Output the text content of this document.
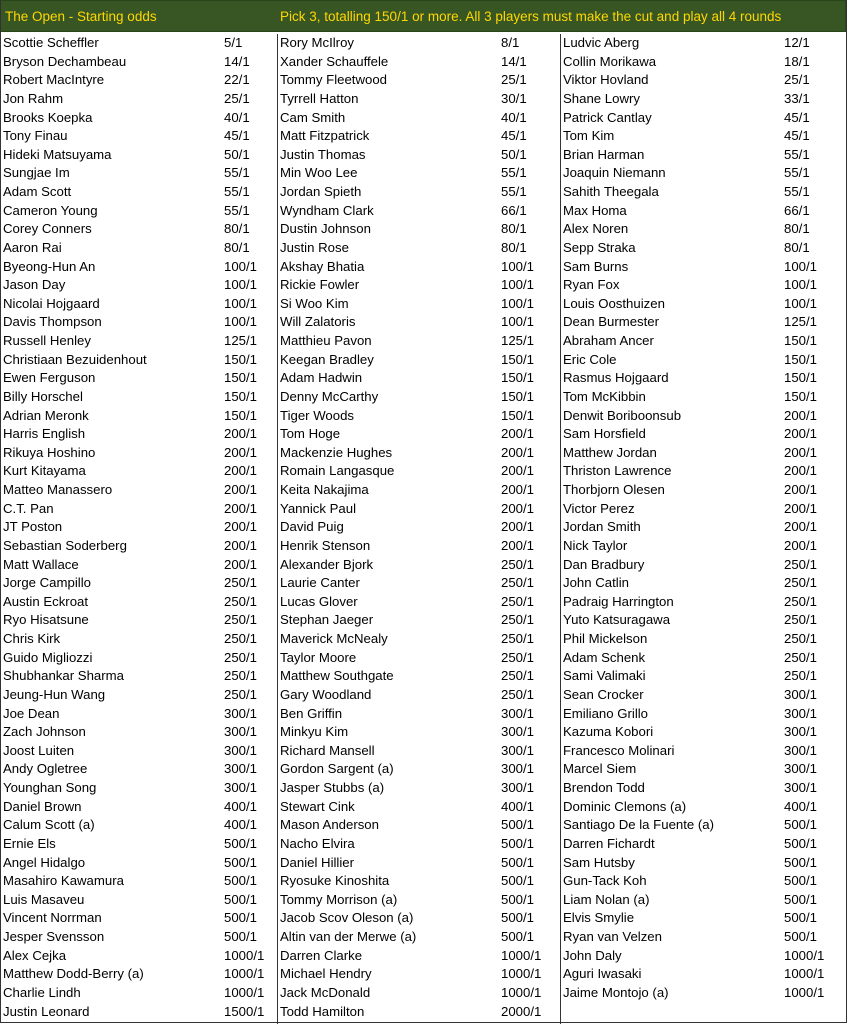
The Open - Starting odds	Pick 3, totalling 150/1 or more. All 3 players must make the cut and play all 4 rounds
Scottie Scheffler	5/1
Bryson Dechambeau	14/1
Robert MacIntyre	22/1
Jon Rahm	25/1
Brooks Koepka	40/1
Tony Finau	45/1
Hideki Matsuyama	50/1
Sungjae Im	55/1
Adam Scott	55/1
Cameron Young	55/1
Corey Conners	80/1
Aaron Rai	80/1
Byeong-Hun An	100/1
Jason Day	100/1
Nicolai Hojgaard	100/1
Davis Thompson	100/1
Russell Henley	125/1
Christiaan Bezuidenhout	150/1
Ewen Ferguson	150/1
Billy Horschel	150/1
Adrian Meronk	150/1
Harris English	200/1
Rikuya Hoshino	200/1
Kurt Kitayama	200/1
Matteo Manassero	200/1
C.T. Pan	200/1
JT Poston	200/1
Sebastian Soderberg	200/1
Matt Wallace	200/1
Jorge Campillo	250/1
Austin Eckroat	250/1
Ryo Hisatsune	250/1
Chris Kirk	250/1
Guido Migliozzi	250/1
Shubhankar Sharma	250/1
Jeung-Hun Wang	250/1
Joe Dean	300/1
Zach Johnson	300/1
Joost Luiten	300/1
Andy Ogletree	300/1
Younghan Song	300/1
Daniel Brown	400/1
Calum Scott (a)	400/1
Ernie Els	500/1
Angel Hidalgo	500/1
Masahiro Kawamura	500/1
Luis Masaveu	500/1
Vincent Norrman	500/1
Jesper Svensson	500/1
Alex Cejka	1000/1
Matthew Dodd-Berry (a)	1000/1
Charlie Lindh	1000/1
Justin Leonard	1500/1
Rory McIlroy	8/1
Xander Schauffele	14/1
Tommy Fleetwood	25/1
Tyrrell Hatton	30/1
Cam Smith	40/1
Matt Fitzpatrick	45/1
Justin Thomas	50/1
Min Woo Lee	55/1
Jordan Spieth	55/1
Wyndham Clark	66/1
Dustin Johnson	80/1
Justin Rose	80/1
Akshay Bhatia	100/1
Rickie Fowler	100/1
Si Woo Kim	100/1
Will Zalatoris	100/1
Matthieu Pavon	125/1
Keegan Bradley	150/1
Adam Hadwin	150/1
Denny McCarthy	150/1
Tiger Woods	150/1
Tom Hoge	200/1
Mackenzie Hughes	200/1
Romain Langasque	200/1
Keita Nakajima	200/1
Yannick Paul	200/1
David Puig	200/1
Henrik Stenson	200/1
Alexander Bjork	250/1
Laurie Canter	250/1
Lucas Glover	250/1
Stephan Jaeger	250/1
Maverick McNealy	250/1
Taylor Moore	250/1
Matthew Southgate	250/1
Gary Woodland	250/1
Ben Griffin	300/1
Minkyu Kim	300/1
Richard Mansell	300/1
Gordon Sargent (a)	300/1
Jasper Stubbs (a)	300/1
Stewart Cink	400/1
Mason Anderson	500/1
Nacho Elvira	500/1
Daniel Hillier	500/1
Ryosuke Kinoshita	500/1
Tommy Morrison (a)	500/1
Jacob Scov Oleson (a)	500/1
Altin van der Merwe (a)	500/1
Darren Clarke	1000/1
Michael Hendry	1000/1
Jack McDonald	1000/1
Todd Hamilton	2000/1
Ludvic Aberg	12/1
Collin Morikawa	18/1
Viktor Hovland	25/1
Shane Lowry	33/1
Patrick Cantlay	45/1
Tom Kim	45/1
Brian Harman	55/1
Joaquin Niemann	55/1
Sahith Theegala	55/1
Max Homa	66/1
Alex Noren	80/1
Sepp Straka	80/1
Sam Burns	100/1
Ryan Fox	100/1
Louis Oosthuizen	100/1
Dean Burmester	125/1
Abraham Ancer	150/1
Eric Cole	150/1
Rasmus Hojgaard	150/1
Tom McKibbin	150/1
Denwit Boriboonsub	200/1
Sam Horsfield	200/1
Matthew Jordan	200/1
Thriston Lawrence	200/1
Thorbjorn Olesen	200/1
Victor Perez	200/1
Jordan Smith	200/1
Nick Taylor	200/1
Dan Bradbury	250/1
John Catlin	250/1
Padraig Harrington	250/1
Yuto Katsuragawa	250/1
Phil Mickelson	250/1
Adam Schenk	250/1
Sami Valimaki	250/1
Sean Crocker	300/1
Emiliano Grillo	300/1
Kazuma Kobori	300/1
Francesco Molinari	300/1
Marcel Siem	300/1
Brendon Todd	300/1
Dominic Clemons (a)	400/1
Santiago De la Fuente (a)	500/1
Darren Fichardt	500/1
Sam Hutsby	500/1
Gun-Tack Koh	500/1
Liam Nolan (a)	500/1
Elvis Smylie	500/1
Ryan van Velzen	500/1
John Daly	1000/1
Aguri Iwasaki	1000/1
Jaime Montojo (a)	1000/1
